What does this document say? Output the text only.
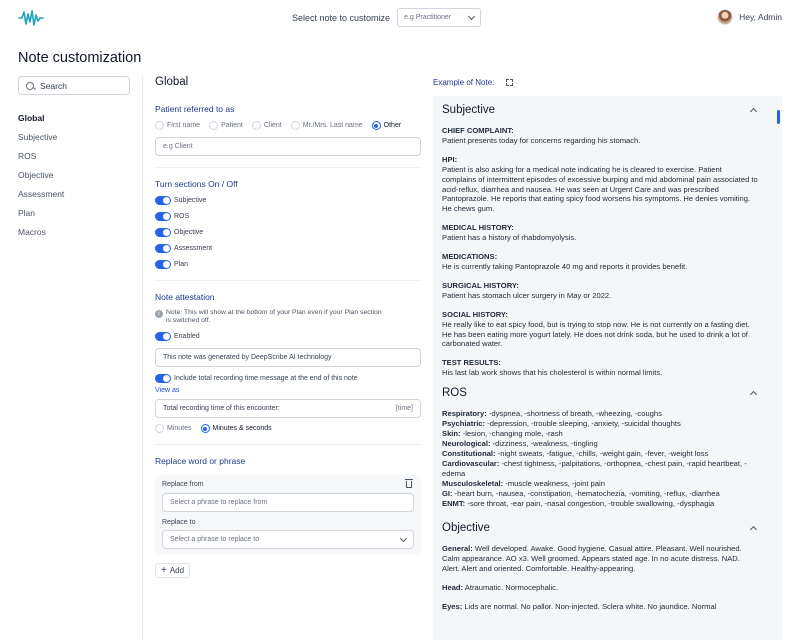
Select note to customize e.g Practitioner	Hey, Admin
Note customization
Search
Global
Subjective
ROS
Objective
Assessment
Plan
Macros
Global
Patient referred to as
First name	Patient	Client	Mr./Mrs. Last name	Other
e.g Client
Turn sections On / Off
Subjective
ROS
Objective
Assessment
Plan
Note attestation
i Note: This will show at the bottom of your Plan even if your Plan section is switched off.
Enabled
This note was generated by DeepScribe AI technology
Include total recording time message at the end of this note
View as
Total recording time of this encounter:	[time]
Minutes	Minutes & seconds
Replace word or phrase
Replace from
Select a phrase to replace from
Replace to
Select a phrase to replace to
+ Add
Example of Note:
Subjective
CHIEF COMPLAINT:
Patient presents today for concerns regarding his stomach.
HPI:
Patient is also asking for a medical note indicating he is cleared to exercise. Patient complains of intermittent episodes of excessive burping and mid abdominal pain associated to acid-reflux, diarrhea and nausea. He was seen at Urgent Care and was prescribed Pantoprazole. He reports that eating spicy food worsens his symptoms. He denies vomiting. He chews gum.
MEDICAL HISTORY:
Patient has a history of rhabdomyolysis.
MEDICATIONS:
He is currently taking Pantoprazole 40 mg and reports it provides benefit.
SURGICAL HISTORY:
Patient has stomach ulcer surgery in May or 2022.
SOCIAL HISTORY:
He really like to eat spicy food, but is trying to stop now. He is not currently on a fasting diet. He has been eating more yogurt lately. He does not drink soda, but he used to drink a lot of carbonated water.
TEST RESULTS:
His last lab work shows that his cholesterol is within normal limits.
ROS
Respiratory: -dyspnea, -shortness of breath, -wheezing, -coughs
Psychiatric: -depression, -trouble sleeping, -anxiety, -suicidal thoughts
Skin: -lesion, -changing mole, -rash
Neurological: -dizziness, -weakness, -tingling
Constitutional: -night sweats, -fatigue, -chills, -weight gain, -fever, -weight loss
Cardiovascular: -chest tightness, -palpitations, -orthopnea, -chest pain, -rapid heartbeat, -edema
Musculoskeletal: -muscle weakness, -joint pain
GI: -heart burn, -nausea, -constipation, -hematochezia, -vomiting, -reflux, -diarrhea
ENMT: -sore throat, -ear pain, -nasal congestion, -trouble swallowing, -dysphagia
Objective
General: Well developed. Awake. Good hygiene. Casual attire. Pleasant. Well nourished. Calm appearance. AO x3. Well groomed. Appears stated age. In no acute distress. NAD. Alert. Alert and oriented. Comfortable. Healthy-appearing.
Head: Atraumatic. Normocephalic.
Eyes: Lids are normal. No pallor. Non-injected. Sclera white. No jaundice. Normal
